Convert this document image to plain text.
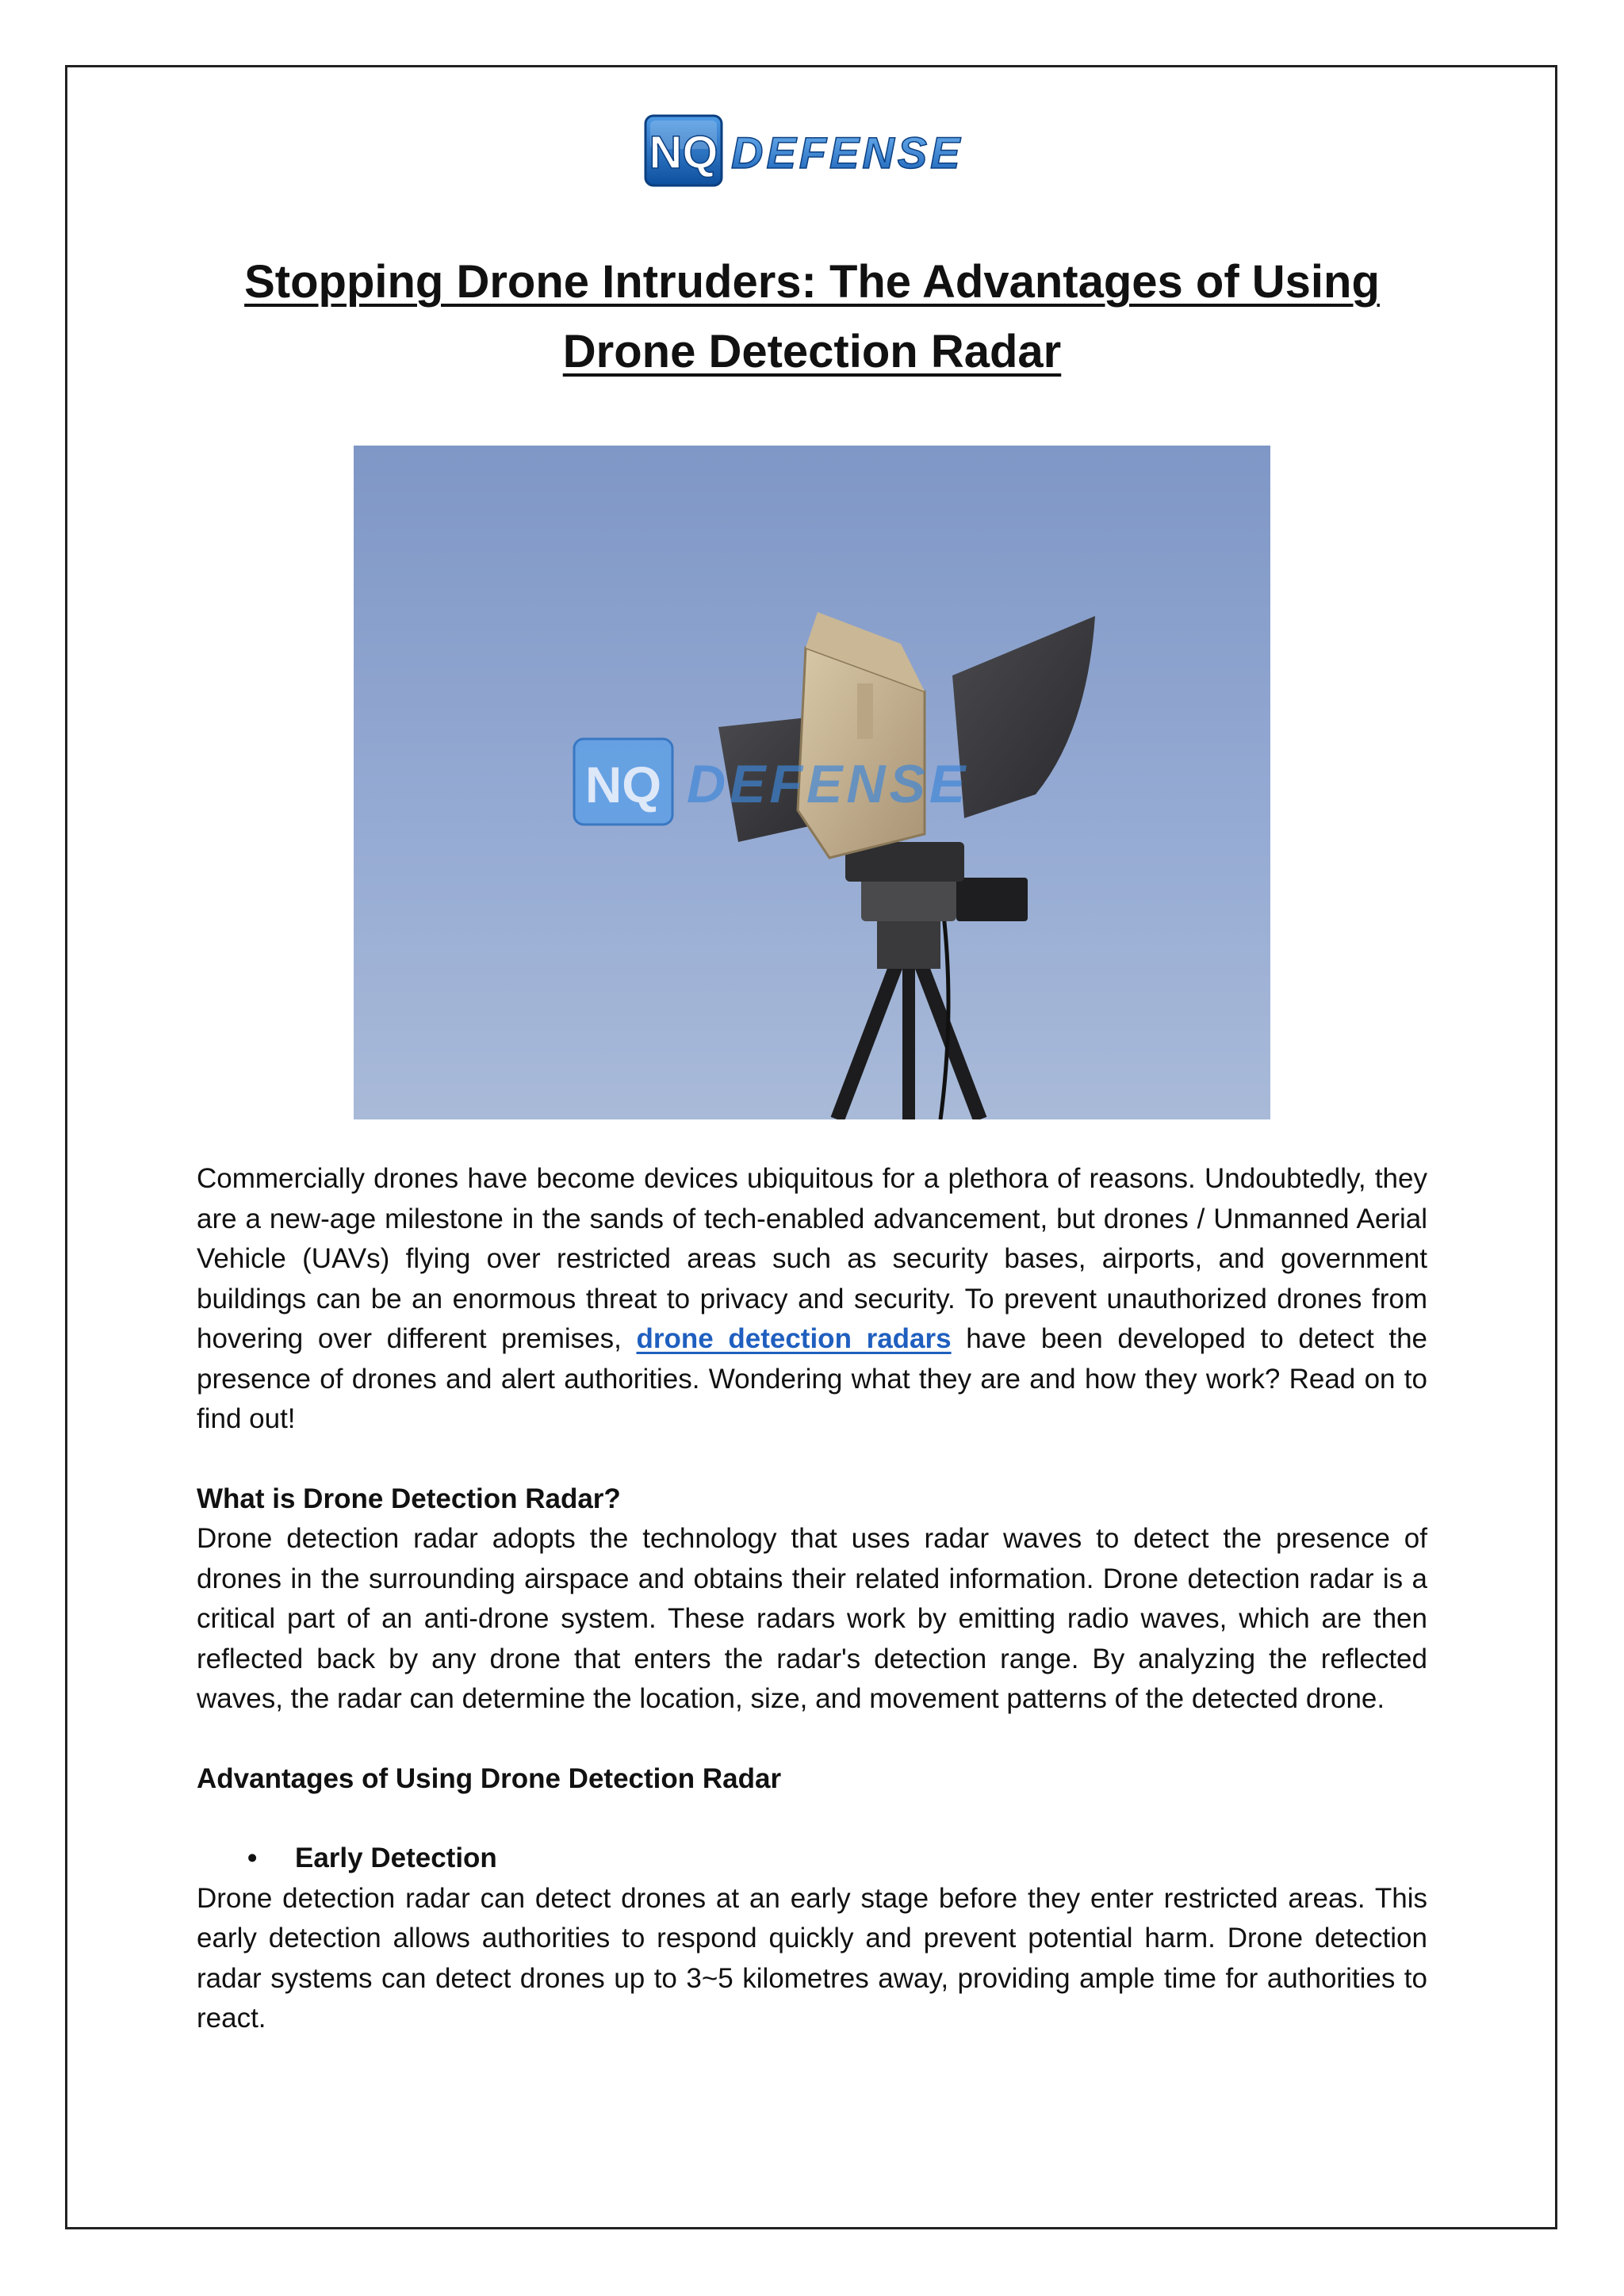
NQ DEFENSE
Stopping Drone Intruders: The Advantages of Using
Drone Detection Radar
NQ DEFENSE

Commercially drones have become devices ubiquitous for a plethora of reasons. Undoubtedly, they are a new-age milestone in the sands of tech-enabled advancement, but drones / Unmanned Aerial Vehicle (UAVs) flying over restricted areas such as security bases, airports, and government buildings can be an enormous threat to privacy and security. To prevent unauthorized drones from hovering over different premises, drone detection radars have been developed to detect the presence of drones and alert authorities. Wondering what they are and how they work? Read on to find out!

What is Drone Detection Radar?

Drone detection radar adopts the technology that uses radar waves to detect the presence of drones in the surrounding airspace and obtains their related information. Drone detection radar is a critical part of an anti-drone system. These radars work by emitting radio waves, which are then reflected back by any drone that enters the radar's detection range. By analyzing the reflected waves, the radar can determine the location, size, and movement patterns of the detected drone.

Advantages of Using Drone Detection Radar

•	Early Detection

Drone detection radar can detect drones at an early stage before they enter restricted areas. This early detection allows authorities to respond quickly and prevent potential harm. Drone detection radar systems can detect drones up to 3~5 kilometres away, providing ample time for authorities to react.
